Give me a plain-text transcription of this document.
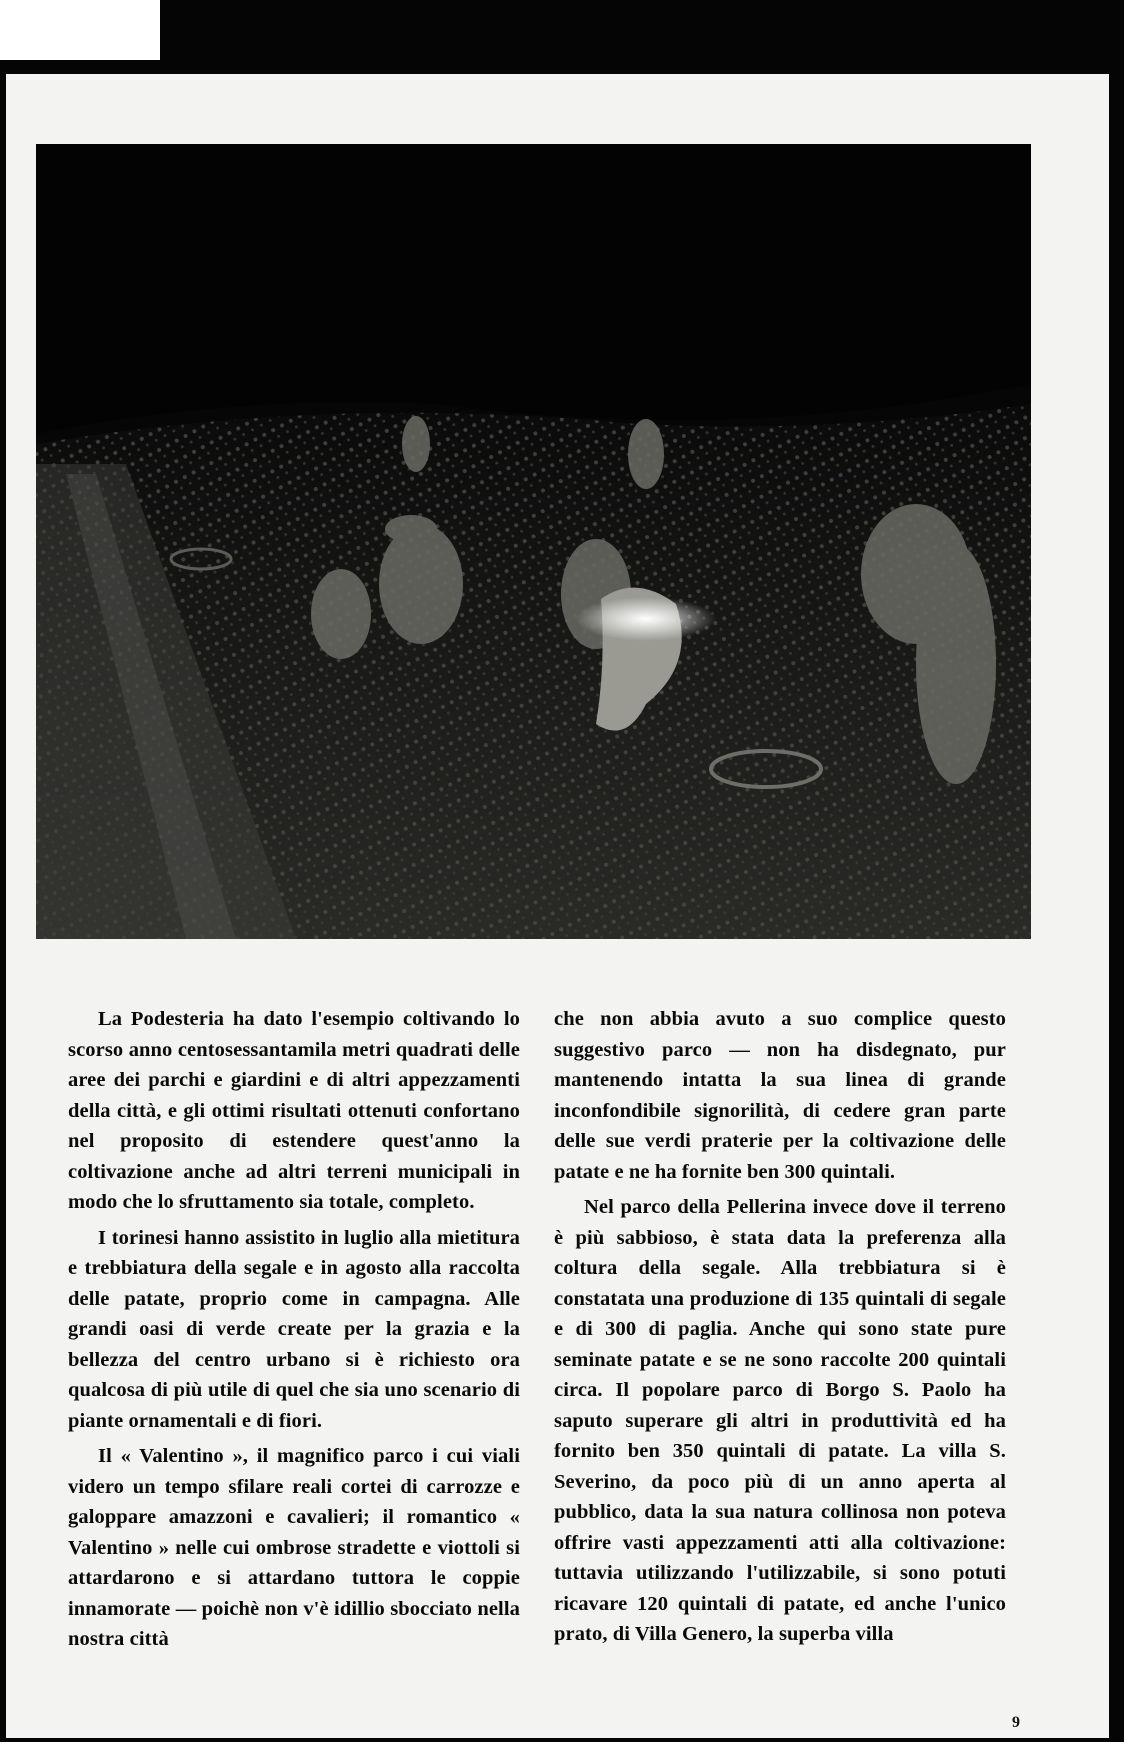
La Podesteria ha dato l'esempio coltivando lo scorso anno centosessantamila metri quadrati delle aree dei parchi e giardini e di altri appezzamenti della città, e gli ottimi risultati ottenuti confortano nel proposito di estendere quest'anno la coltivazione anche ad altri terreni municipali in modo che lo sfruttamento sia totale, completo.

I torinesi hanno assistito in luglio alla mietitura e trebbiatura della segale e in agosto alla raccolta delle patate, proprio come in campagna. Alle grandi oasi di verde create per la grazia e la bellezza del centro urbano si è richiesto ora qualcosa di più utile di quel che sia uno scenario di piante ornamentali e di fiori.

Il « Valentino », il magnifico parco i cui viali videro un tempo sfilare reali cortei di carrozze e galoppare amazzoni e cavalieri; il romantico « Valentino » nelle cui ombrose stradette e viottoli si attardarono e si attardano tuttora le coppie innamorate — poichè non v'è idillio sbocciato nella nostra città

che non abbia avuto a suo complice questo suggestivo parco — non ha disdegnato, pur mantenendo intatta la sua linea di grande inconfondibile signorilità, di cedere gran parte delle sue verdi praterie per la coltivazione delle patate e ne ha fornite ben 300 quintali.

Nel parco della Pellerina invece dove il terreno è più sabbioso, è stata data la preferenza alla coltura della segale. Alla trebbiatura si è constatata una produzione di 135 quintali di segale e di 300 di paglia. Anche qui sono state pure seminate patate e se ne sono raccolte 200 quintali circa. Il popolare parco di Borgo S. Paolo ha saputo superare gli altri in produttività ed ha fornito ben 350 quintali di patate. La villa S. Severino, da poco più di un anno aperta al pubblico, data la sua natura collinosa non poteva offrire vasti appezzamenti atti alla coltivazione: tuttavia utilizzando l'utilizzabile, si sono potuti ricavare 120 quintali di patate, ed anche l'unico prato, di Villa Genero, la superba villa

9
